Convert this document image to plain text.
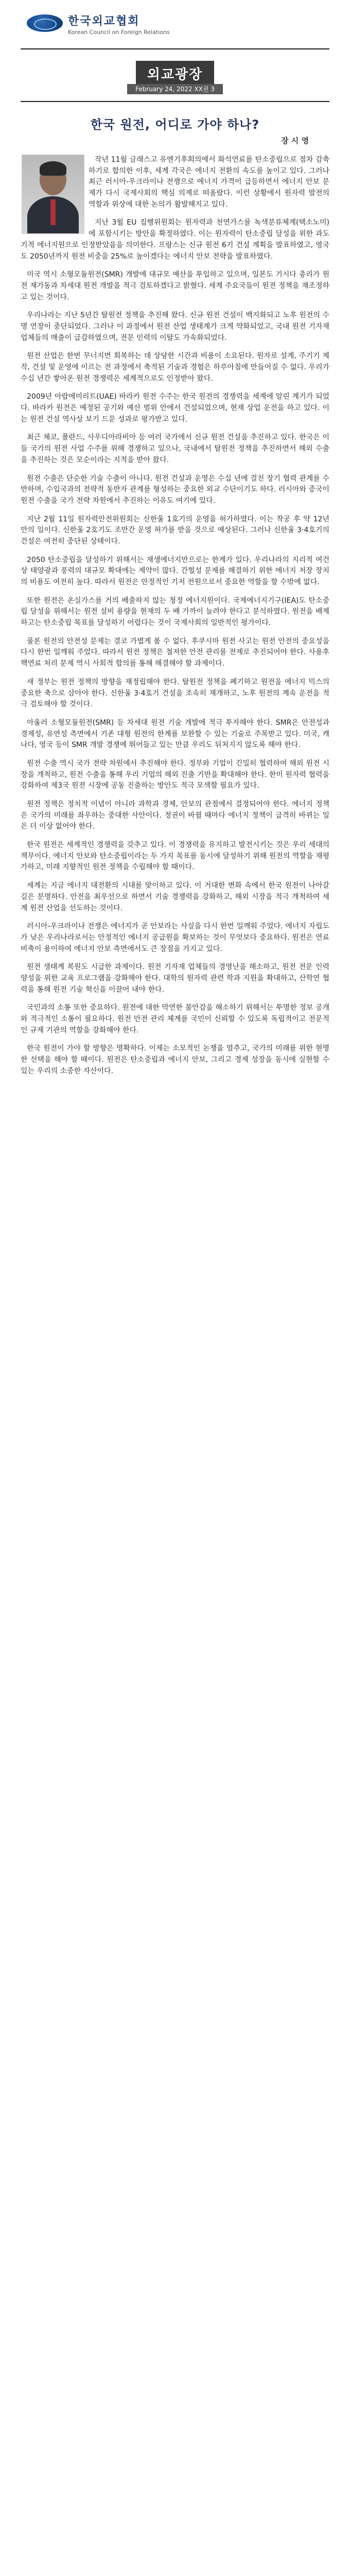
한국외교협회
Korean Council on Foreign Relations
외교광장
February 24, 2022 XX권 3
한국 원전, 어디로 가야 하나?
장 시 영

작년 11월 글래스고 유엔기후회의에서 화석연료를 탄소중립으로 점차 감축하기로 합의한 이후, 세계 각국은 에너지 전환의 속도를 높이고 있다. 그러나 최근 러시아-우크라이나 전쟁으로 에너지 가격이 급등하면서 에너지 안보 문제가 다시 국제사회의 핵심 의제로 떠올랐다. 이런 상황에서 원자력 발전의 역할과 위상에 대한 논의가 활발해지고 있다.

지난 3월 EU 집행위원회는 원자력과 천연가스를 녹색분류체계(택소노미)에 포함시키는 방안을 확정하였다. 이는 원자력이 탄소중립 달성을 위한 과도기적 에너지원으로 인정받았음을 의미한다. 프랑스는 신규 원전 6기 건설 계획을 발표하였고, 영국도 2050년까지 원전 비중을 25%로 높이겠다는 에너지 안보 전략을 발표하였다.

미국 역시 소형모듈원전(SMR) 개발에 대규모 예산을 투입하고 있으며, 일본도 기시다 총리가 원전 재가동과 차세대 원전 개발을 적극 검토하겠다고 밝혔다. 세계 주요국들이 원전 정책을 재조정하고 있는 것이다.

우리나라는 지난 5년간 탈원전 정책을 추진해 왔다. 신규 원전 건설이 백지화되고 노후 원전의 수명 연장이 중단되었다. 그러나 이 과정에서 원전 산업 생태계가 크게 약화되었고, 국내 원전 기자재 업체들의 매출이 급감하였으며, 전문 인력의 이탈도 가속화되었다.

원전 산업은 한번 무너지면 회복하는 데 상당한 시간과 비용이 소요된다. 원자로 설계, 주기기 제작, 건설 및 운영에 이르는 전 과정에서 축적된 기술과 경험은 하루아침에 만들어질 수 없다. 우리가 수십 년간 쌓아온 원전 경쟁력은 세계적으로도 인정받아 왔다.

2009년 아랍에미리트(UAE) 바라카 원전 수주는 한국 원전의 경쟁력을 세계에 알린 계기가 되었다. 바라카 원전은 예정된 공기와 예산 범위 안에서 건설되었으며, 현재 상업 운전을 하고 있다. 이는 원전 건설 역사상 보기 드문 성과로 평가받고 있다.

최근 체코, 폴란드, 사우디아라비아 등 여러 국가에서 신규 원전 건설을 추진하고 있다. 한국은 이들 국가의 원전 사업 수주를 위해 경쟁하고 있으나, 국내에서 탈원전 정책을 추진하면서 해외 수출을 추진하는 것은 모순이라는 지적을 받아 왔다.

원전 수출은 단순한 기술 수출이 아니다. 원전 건설과 운영은 수십 년에 걸친 장기 협력 관계를 수반하며, 수입국과의 전략적 동반자 관계를 형성하는 중요한 외교 수단이기도 하다. 러시아와 중국이 원전 수출을 국가 전략 차원에서 추진하는 이유도 여기에 있다.

지난 2월 11일 원자력안전위원회는 신한울 1호기의 운영을 허가하였다. 이는 착공 후 약 12년 만의 일이다. 신한울 2호기도 조만간 운영 허가를 받을 것으로 예상된다. 그러나 신한울 3·4호기의 건설은 여전히 중단된 상태이다.

2050 탄소중립을 달성하기 위해서는 재생에너지만으로는 한계가 있다. 우리나라의 지리적 여건상 태양광과 풍력의 대규모 확대에는 제약이 많다. 간헐성 문제를 해결하기 위한 에너지 저장 장치의 비용도 여전히 높다. 따라서 원전은 안정적인 기저 전원으로서 중요한 역할을 할 수밖에 없다.

또한 원전은 온실가스를 거의 배출하지 않는 청정 에너지원이다. 국제에너지기구(IEA)도 탄소중립 달성을 위해서는 원전 설비 용량을 현재의 두 배 가까이 늘려야 한다고 분석하였다. 원전을 배제하고는 탄소중립 목표를 달성하기 어렵다는 것이 국제사회의 일반적인 평가이다.

물론 원전의 안전성 문제는 결코 가볍게 볼 수 없다. 후쿠시마 원전 사고는 원전 안전의 중요성을 다시 한번 일깨워 주었다. 따라서 원전 정책은 철저한 안전 관리를 전제로 추진되어야 한다. 사용후핵연료 처리 문제 역시 사회적 합의를 통해 해결해야 할 과제이다.

새 정부는 원전 정책의 방향을 재정립해야 한다. 탈원전 정책을 폐기하고 원전을 에너지 믹스의 중요한 축으로 삼아야 한다. 신한울 3·4호기 건설을 조속히 재개하고, 노후 원전의 계속 운전을 적극 검토해야 할 것이다.

아울러 소형모듈원전(SMR) 등 차세대 원전 기술 개발에 적극 투자해야 한다. SMR은 안전성과 경제성, 유연성 측면에서 기존 대형 원전의 한계를 보완할 수 있는 기술로 주목받고 있다. 미국, 캐나다, 영국 등이 SMR 개발 경쟁에 뛰어들고 있는 만큼 우리도 뒤처지지 않도록 해야 한다.

원전 수출 역시 국가 전략 차원에서 추진해야 한다. 정부와 기업이 긴밀히 협력하여 해외 원전 시장을 개척하고, 원전 수출을 통해 우리 기업의 해외 진출 기반을 확대해야 한다. 한미 원자력 협력을 강화하여 제3국 원전 시장에 공동 진출하는 방안도 적극 모색할 필요가 있다.

원전 정책은 정치적 이념이 아니라 과학과 경제, 안보의 관점에서 결정되어야 한다. 에너지 정책은 국가의 미래를 좌우하는 중대한 사안이다. 정권이 바뀔 때마다 에너지 정책이 급격히 바뀌는 일은 더 이상 없어야 한다.

한국 원전은 세계적인 경쟁력을 갖추고 있다. 이 경쟁력을 유지하고 발전시키는 것은 우리 세대의 책무이다. 에너지 안보와 탄소중립이라는 두 가지 목표를 동시에 달성하기 위해 원전의 역할을 재평가하고, 미래 지향적인 원전 정책을 수립해야 할 때이다.

세계는 지금 에너지 대전환의 시대를 맞이하고 있다. 이 거대한 변화 속에서 한국 원전이 나아갈 길은 분명하다. 안전을 최우선으로 하면서 기술 경쟁력을 강화하고, 해외 시장을 적극 개척하여 세계 원전 산업을 선도하는 것이다.

러시아-우크라이나 전쟁은 에너지가 곧 안보라는 사실을 다시 한번 일깨워 주었다. 에너지 자립도가 낮은 우리나라로서는 안정적인 에너지 공급원을 확보하는 것이 무엇보다 중요하다. 원전은 연료 비축이 용이하여 에너지 안보 측면에서도 큰 장점을 가지고 있다.

원전 생태계 복원도 시급한 과제이다. 원전 기자재 업체들의 경영난을 해소하고, 원전 전문 인력 양성을 위한 교육 프로그램을 강화해야 한다. 대학의 원자력 관련 학과 지원을 확대하고, 산학연 협력을 통해 원전 기술 혁신을 이끌어 내야 한다.

국민과의 소통 또한 중요하다. 원전에 대한 막연한 불안감을 해소하기 위해서는 투명한 정보 공개와 적극적인 소통이 필요하다. 원전 안전 관리 체계를 국민이 신뢰할 수 있도록 독립적이고 전문적인 규제 기관의 역할을 강화해야 한다.

한국 원전이 가야 할 방향은 명확하다. 이제는 소모적인 논쟁을 멈추고, 국가의 미래를 위한 현명한 선택을 해야 할 때이다. 원전은 탄소중립과 에너지 안보, 그리고 경제 성장을 동시에 실현할 수 있는 우리의 소중한 자산이다.
